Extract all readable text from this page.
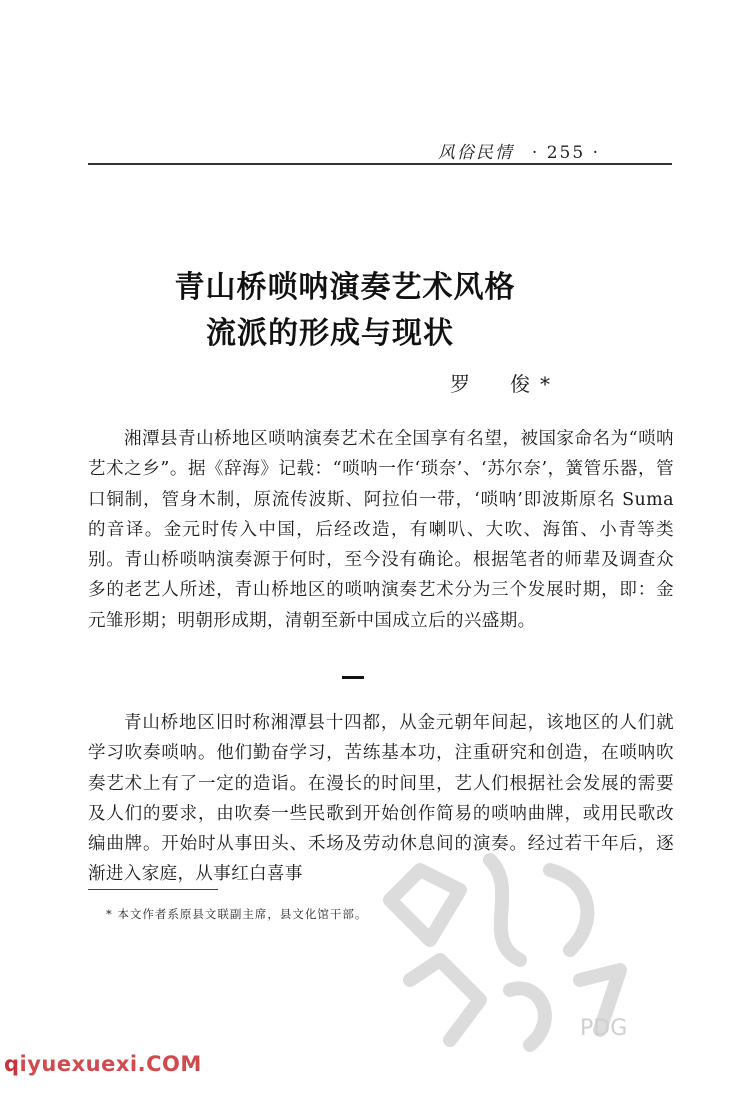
风俗民情 · 255 ·
青山桥唢呐演奏艺术风格
流派的形成与现状
罗　俊*

湘潭县青山桥地区唢呐演奏艺术在全国享有名望，被国家命名为“唢呐艺术之乡”。据《辞海》记载：“唢呐一作‘琐奈’、‘苏尔奈’，簧管乐器，管口铜制，管身木制，原流传波斯、阿拉伯一带，‘唢呐’即波斯原名 Suma 的音译。金元时传入中国，后经改造，有喇叭、大吹、海笛、小青等类别。青山桥唢呐演奏源于何时，至今没有确论。根据笔者的师辈及调查众多的老艺人所述，青山桥地区的唢呐演奏艺术分为三个发展时期，即：金元雏形期；明朝形成期，清朝至新中国成立后的兴盛期。

青山桥地区旧时称湘潭县十四都，从金元朝年间起，该地区的人们就学习吹奏唢呐。他们勤奋学习，苦练基本功，注重研究和创造，在唢呐吹奏艺术上有了一定的造诣。在漫长的时间里，艺人们根据社会发展的需要及人们的要求，由吹奏一些民歌到开始创作简易的唢呐曲牌，或用民歌改编曲牌。开始时从事田头、禾场及劳动休息间的演奏。经过若干年后，逐渐进入家庭，从事红白喜事

* 本文作者系原县文联副主席，县文化馆干部。
PDG
qiyuexuexi.COM
